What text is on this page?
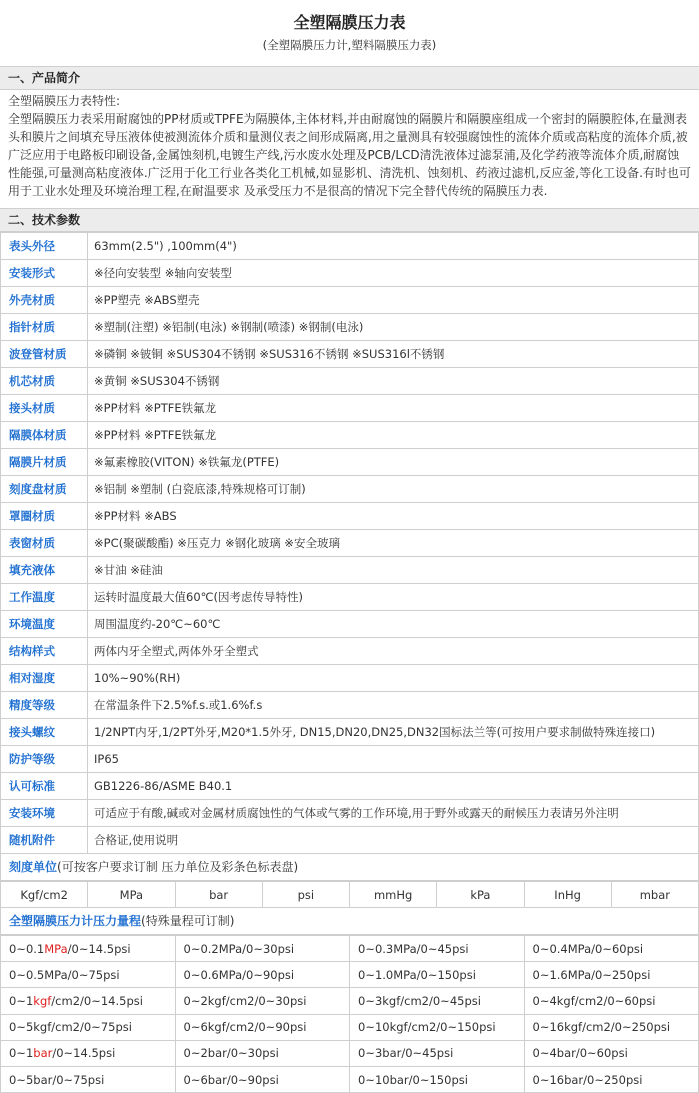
全塑隔膜压力表
(全塑隔膜压力计,塑料隔膜压力表)
一、产品简介
全塑隔膜压力表特性:
全塑隔膜压力表采用耐腐蚀的PP材质或TPFE为隔膜体,主体材料,并由耐腐蚀的隔膜片和隔膜座组成一个密封的隔膜腔体,在量测表
头和膜片之间填充导压液体使被测流体介质和量测仪表之间形成隔离,用之量测具有较强腐蚀性的流体介质或高粘度的流体介质,被
广泛应用于电路板印刷设备,金属蚀刻机,电镀生产线,污水废水处理及PCB/LCD清洗液体过滤泵浦,及化学药液等流体介质,耐腐蚀
性能强,可量测高粘度液体.广泛用于化工行业各类化工机械,如显影机、清洗机、蚀刻机、药液过滤机,反应釜,等化工设备.有时也可
用于工业水处理及环境治理工程,在耐温要求 及承受压力不是很高的情况下完全替代传统的隔膜压力表.
二、技术参数
表头外径	63mm(2.5") ,100mm(4")
安装形式	※径向安装型 ※轴向安装型
外壳材质	※PP塑壳 ※ABS塑壳
指针材质	※塑制(注塑) ※铝制(电泳) ※钢制(喷漆) ※钢制(电泳)
波登管材质	※磷铜 ※铍铜 ※SUS304不锈钢 ※SUS316不锈钢 ※SUS316l不锈钢
机芯材质	※黄铜 ※SUS304不锈钢
接头材质	※PP材料 ※PTFE铁氟龙
隔膜体材质	※PP材料 ※PTFE铁氟龙
隔膜片材质	※氟素橡胶(VITON) ※铁氟龙(PTFE)
刻度盘材质	※铝制 ※塑制 (白瓷底漆,特殊规格可订制)
罩圈材质	※PP材料 ※ABS
表窗材质	※PC(聚碳酸酯) ※压克力 ※钢化玻璃 ※安全玻璃
填充液体	※甘油 ※硅油
工作温度	运转时温度最大值60℃(因考虑传导特性)
环境温度	周围温度约-20℃~60℃
结构样式	两体内牙全塑式,两体外牙全塑式
相对湿度	10%~90%(RH)
精度等级	在常温条件下2.5%f.s.或1.6%f.s
接头螺纹	1/2NPT内牙,1/2PT外牙,M20*1.5外牙, DN15,DN20,DN25,DN32国标法兰等(可按用户要求制做特殊连接口)
防护等级	IP65
认可标准	GB1226-86/ASME B40.1
安装环境	可适应于有酸,碱或对金属材质腐蚀性的气体或气雾的工作环境,用于野外或露天的耐候压力表请另外注明
随机附件	合格证,使用说明
刻度单位(可按客户要求订制 压力单位及彩条色标表盘)
Kgf/cm2	MPa	bar	psi	mmHg	kPa	InHg	mbar
全塑隔膜压力计压力量程(特殊量程可订制)
0~0.1MPa/0~14.5psi	0~0.2MPa/0~30psi	0~0.3MPa/0~45psi	0~0.4MPa/0~60psi
0~0.5MPa/0~75psi	0~0.6MPa/0~90psi	0~1.0MPa/0~150psi	0~1.6MPa/0~250psi
0~1kgf/cm2/0~14.5psi	0~2kgf/cm2/0~30psi	0~3kgf/cm2/0~45psi	0~4kgf/cm2/0~60psi
0~5kgf/cm2/0~75psi	0~6kgf/cm2/0~90psi	0~10kgf/cm2/0~150psi	0~16kgf/cm2/0~250psi
0~1bar/0~14.5psi	0~2bar/0~30psi	0~3bar/0~45psi	0~4bar/0~60psi
0~5bar/0~75psi	0~6bar/0~90psi	0~10bar/0~150psi	0~16bar/0~250psi
